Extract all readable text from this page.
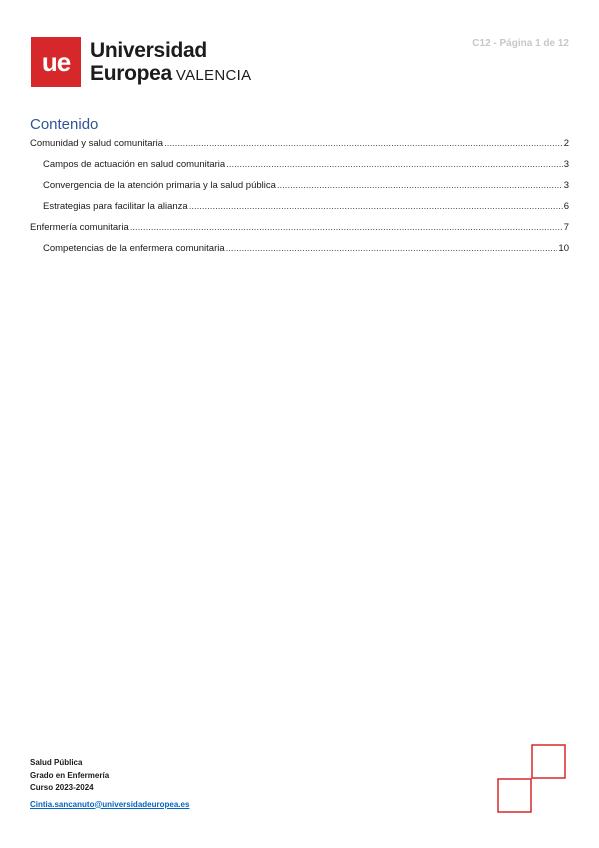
ue Universidad
Europea VALENCIA
C12 - Página 1 de 12
Contenido
Comunidad y salud comunitaria .....	2
Campos de actuación en salud comunitaria .....	3
Convergencia de la atención primaria y la salud pública .....	3
Estrategias para facilitar la alianza .....	6
Enfermería comunitaria .....	7
Competencias de la enfermera comunitaria .....	10
Salud Pública
Grado en Enfermería
Curso 2023-2024
Cintia.sancanuto@universidadeuropea.es
